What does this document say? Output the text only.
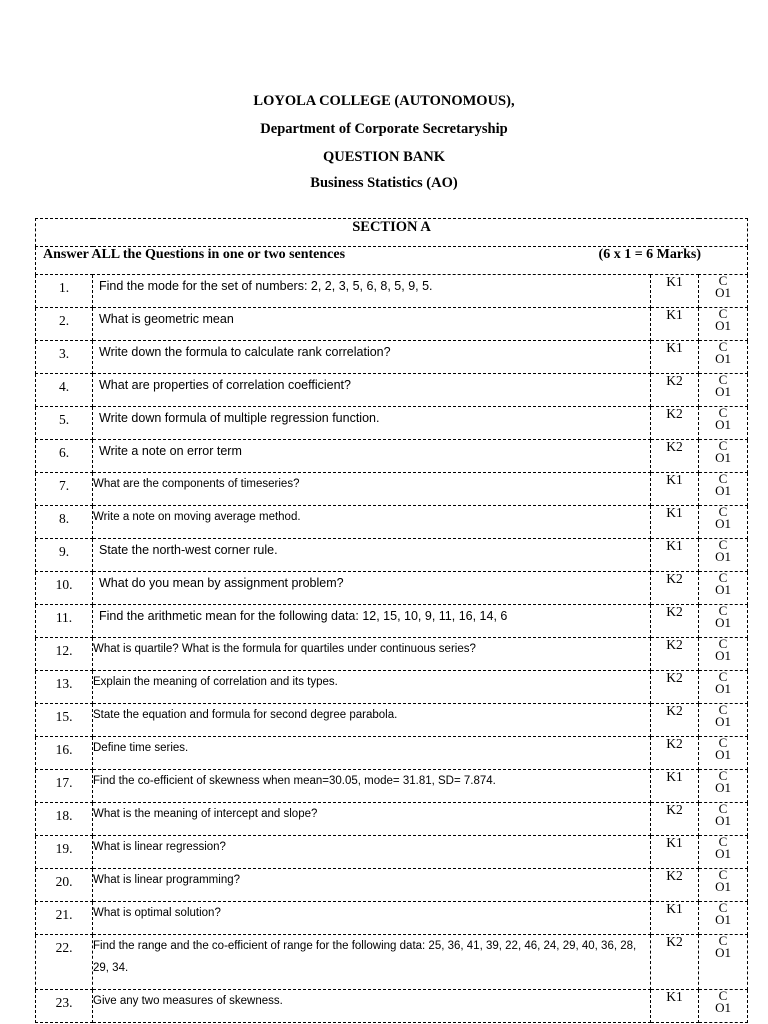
LOYOLA COLLEGE (AUTONOMOUS),
Department of Corporate Secretaryship
QUESTION BANK
Business Statistics (AO)
SECTION A			

Answer ALL the Questions in one or two sentences (6 x 1 = 6 Marks)			

1.	Find the mode for the set of numbers: 2, 2, 3, 5, 6, 8, 5, 9, 5.	K1	C
O1

2.	What is geometric mean	K1	C
O1

3.	Write down the formula to calculate rank correlation?	K1	C
O1

4.	What are properties of correlation coefficient?	K2	C
O1

5.	Write down formula of multiple regression function.	K2	C
O1

6.	Write a note on error term	K2	C
O1

7.	What are the components of timeseries?	K1	C
O1

8.	Write a note on moving average method.	K1	C
O1

9.	State the north-west corner rule.	K1	C
O1

10.	What do you mean by assignment problem?	K2	C
O1

11.	Find the arithmetic mean for the following data: 12, 15, 10, 9, 11, 16, 14, 6	K2	C
O1

12.	What is quartile? What is the formula for quartiles under continuous series?	K2	C
O1

13.	Explain the meaning of correlation and its types.	K2	C
O1

15.	State the equation and formula for second degree parabola.	K2	C
O1

16.	Define time series.	K2	C
O1

17.	Find the co-efficient of skewness when mean=30.05, mode= 31.81, SD= 7.874.	K1	C
O1

18.	What is the meaning of intercept and slope?	K2	C
O1

19.	What is linear regression?	K1	C
O1

20.	What is linear programming?	K2	C
O1

21.	What is optimal solution?	K1	C
O1

22.	Find the range and the co-efficient of range for the following data: 25, 36, 41, 39, 22, 46, 24, 29, 40, 36, 28, 29, 34.	K2	C
O1

23.	Give any two measures of skewness.	K1	C
O1
